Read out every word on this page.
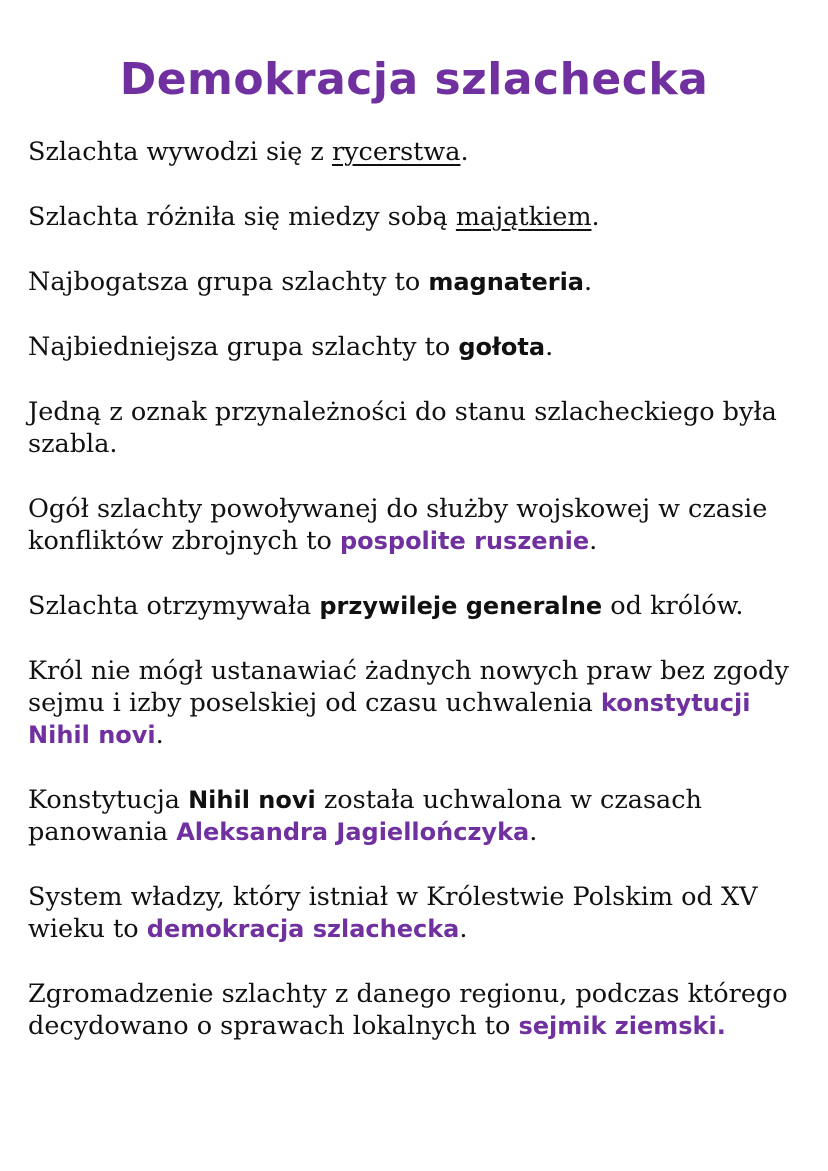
Demokracja szlachecka

Szlachta wywodzi się z rycerstwa.

Szlachta różniła się miedzy sobą majątkiem.

Najbogatsza grupa szlachty to magnateria.

Najbiedniejsza grupa szlachty to gołota.

Jedną z oznak przynależności do stanu szlacheckiego była szabla.

Ogół szlachty powoływanej do służby wojskowej w czasie konfliktów zbrojnych to pospolite ruszenie.

Szlachta otrzymywała przywileje generalne od królów.

Król nie mógł ustanawiać żadnych nowych praw bez zgody sejmu i izby poselskiej od czasu uchwalenia konstytucji Nihil novi.

Konstytucja Nihil novi została uchwalona w czasach panowania Aleksandra Jagiellończyka.

System władzy, który istniał w Królestwie Polskim od XV wieku to demokracja szlachecka.

Zgromadzenie szlachty z danego regionu, podczas którego decydowano o sprawach lokalnych to sejmik ziemski.
